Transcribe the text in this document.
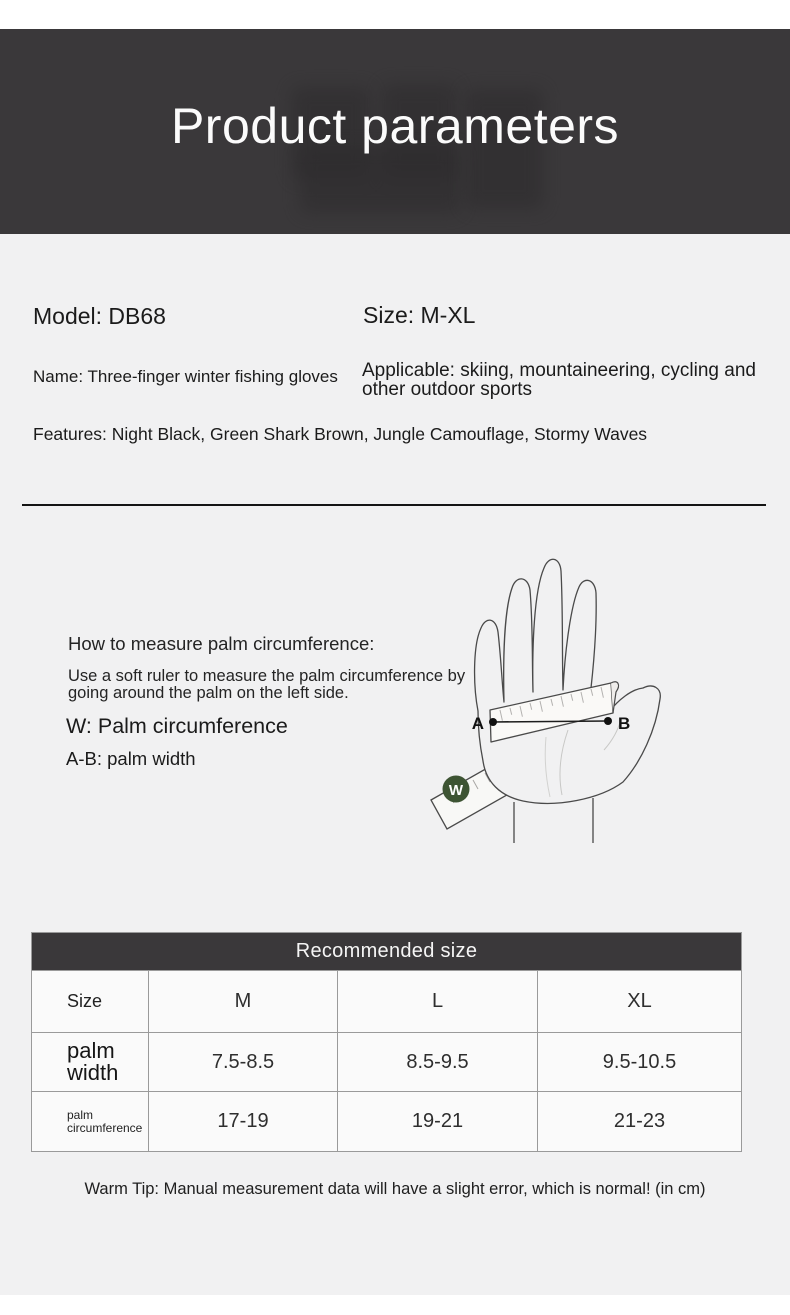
Product parameters
Model: DB68	Size: M-XL
Name: Three-finger winter fishing gloves Applicable: skiing, mountaineering, cycling and other outdoor sports
Features: Night Black, Green Shark Brown, Jungle Camouflage, Stormy Waves
How to measure palm circumference:
Use a soft ruler to measure the palm circumference by going around the palm on the left side.
W: Palm circumference
A-B: palm width
A	B
W
Recommended size
Size	M	L	XL
palm width	7.5-8.5	8.5-9.5	9.5-10.5
palm circumference	17-19	19-21	21-23
Warm Tip: Manual measurement data will have a slight error, which is normal! (in cm)
